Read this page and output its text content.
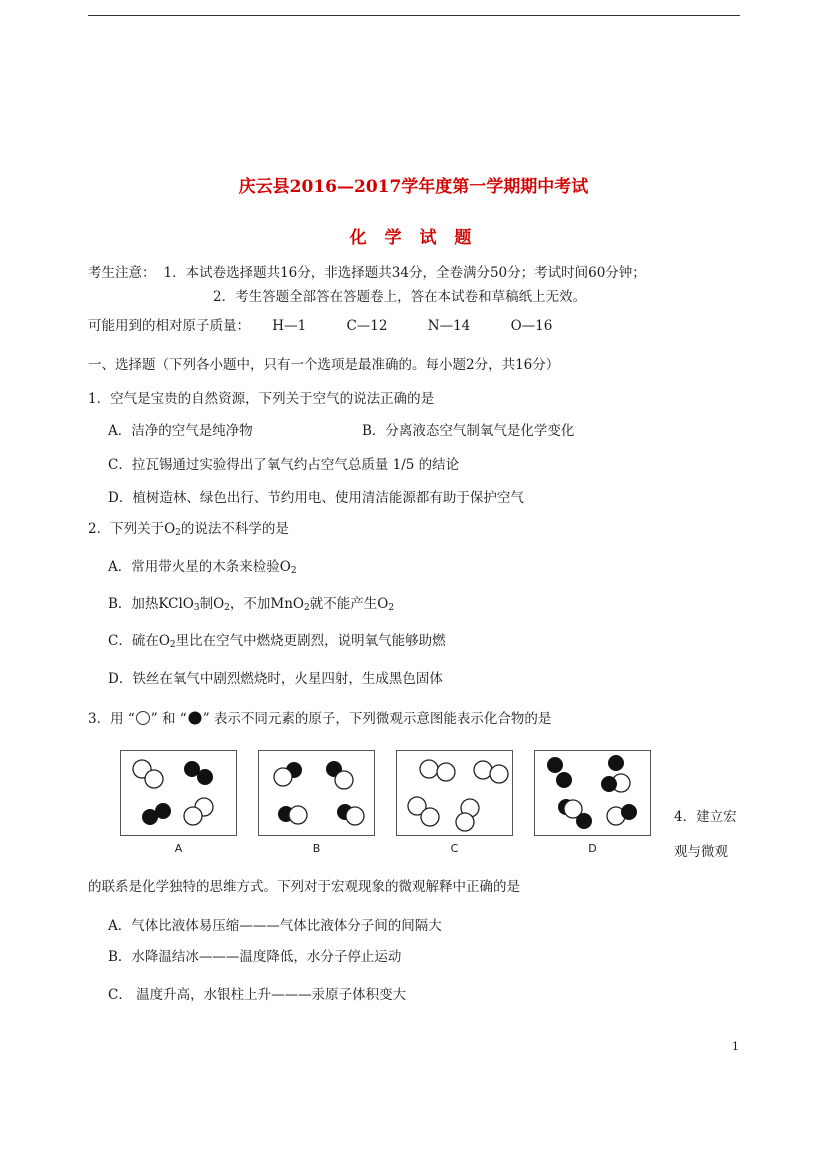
庆云县2016—2017学年度第一学期期中考试
化 学 试 题
考生注意： 1．本试卷选择题共16分，非选择题共34分，全卷满分50分；考试时间60分钟；
2．考生答题全部答在答题卷上，答在本试卷和草稿纸上无效。
可能用到的相对原子质量： H—1	C—12	N—14	O—16
一、选择题（下列各小题中，只有一个选项是最准确的。每小题2分，共16分）
1．空气是宝贵的自然资源，下列关于空气的说法正确的是
A．洁净的空气是纯净物	B．分离液态空气制氧气是化学变化
C．拉瓦锡通过实验得出了氧气约占空气总质量 1/5 的结论
D．植树造林、绿色出行、节约用电、使用清洁能源都有助于保护空气
2．下列关于$O_2$的说法不科学的是
A．常用带火星的木条来检验$O_2$
B．加热KClO$_3$制$O_2$，不加MnO$_2$就不能产生$O_2$
C．硫在$O_2$里比在空气中燃烧更剧烈，说明氧气能够助燃
D．铁丝在氧气中剧烈燃烧时，火星四射，生成黑色固体
3．用 “ ” 和 “ ” 表示不同元素的原子，下列微观示意图能表示化合物的是
A	B	C	D
4．建立宏
观与微观
的联系是化学独特的思维方式。下列对于宏观现象的微观解释中正确的是
A．气体比液体易压缩———气体比液体分子间的间隔大
B．水降温结冰———温度降低，水分子停止运动
C． 温度升高，水银柱上升———汞原子体积变大
1
